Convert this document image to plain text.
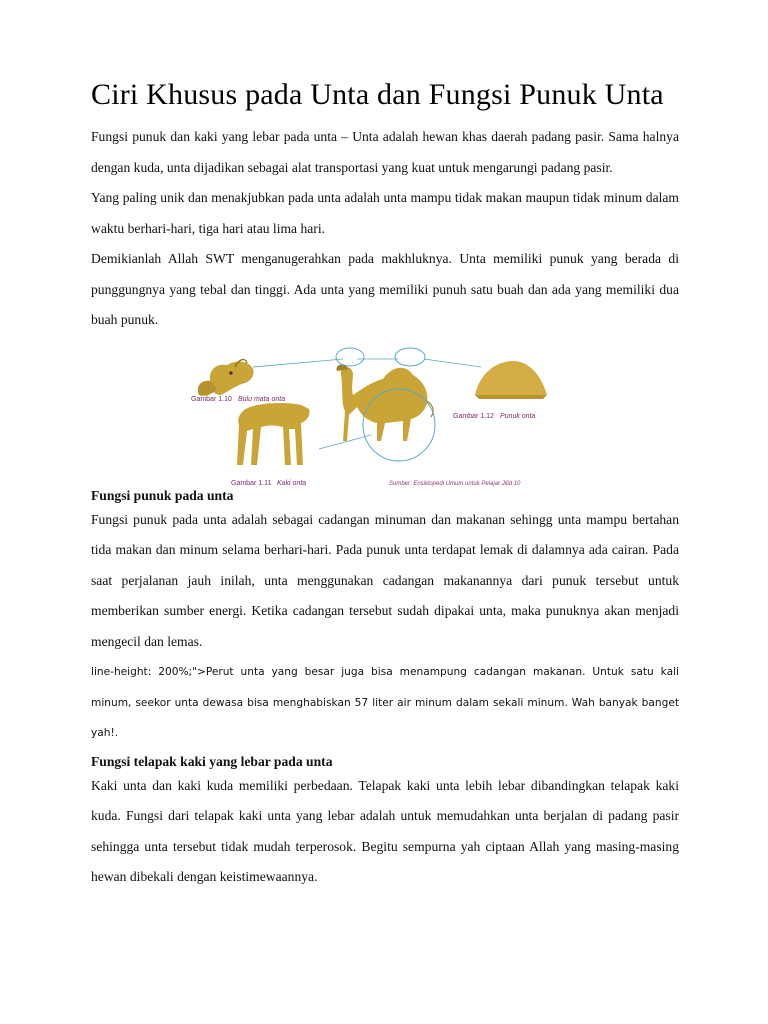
Ciri Khusus pada Unta dan Fungsi Punuk Unta

Fungsi punuk dan kaki yang lebar pada unta – Unta adalah hewan khas daerah padang pasir. Sama halnya dengan kuda, unta dijadikan sebagai alat transportasi yang kuat untuk mengarungi padang pasir.

Yang paling unik dan menakjubkan pada unta adalah unta mampu tidak makan maupun tidak minum dalam waktu berhari-hari, tiga hari atau lima hari.

Demikianlah Allah SWT menganugerahkan pada makhluknya. Unta memiliki punuk yang berada di punggungnya yang tebal dan tinggi. Ada unta yang memiliki punuh satu buah dan ada yang memiliki dua buah punuk.

Gambar 1.10 Bulu mata onta
Gambar 1.12 Punuk onta
Gambar 1.11 Kaki onta	Sumber: Ensiklopedi Umum untuk Pelajar Jilid 10
Fungsi punuk pada unta

Fungsi punuk pada unta adalah sebagai cadangan minuman dan makanan sehingg unta mampu bertahan tida makan dan minum selama berhari-hari. Pada punuk unta terdapat lemak di dalamnya ada cairan. Pada saat perjalanan jauh inilah, unta menggunakan cadangan makanannya dari punuk tersebut untuk memberikan sumber energi. Ketika cadangan tersebut sudah dipakai unta, maka punuknya akan menjadi mengecil dan lemas.

line-height: 200%;">Perut unta yang besar juga bisa menampung cadangan makanan. Untuk satu kali minum, seekor unta dewasa bisa menghabiskan 57 liter air minum dalam sekali minum. Wah banyak banget yah!.

Fungsi telapak kaki yang lebar pada unta

Kaki unta dan kaki kuda memiliki perbedaan. Telapak kaki unta lebih lebar dibandingkan telapak kaki kuda. Fungsi dari telapak kaki unta yang lebar adalah untuk memudahkan unta berjalan di padang pasir sehingga unta tersebut tidak mudah terperosok. Begitu sempurna yah ciptaan Allah yang masing-masing hewan dibekali dengan keistimewaannya.
